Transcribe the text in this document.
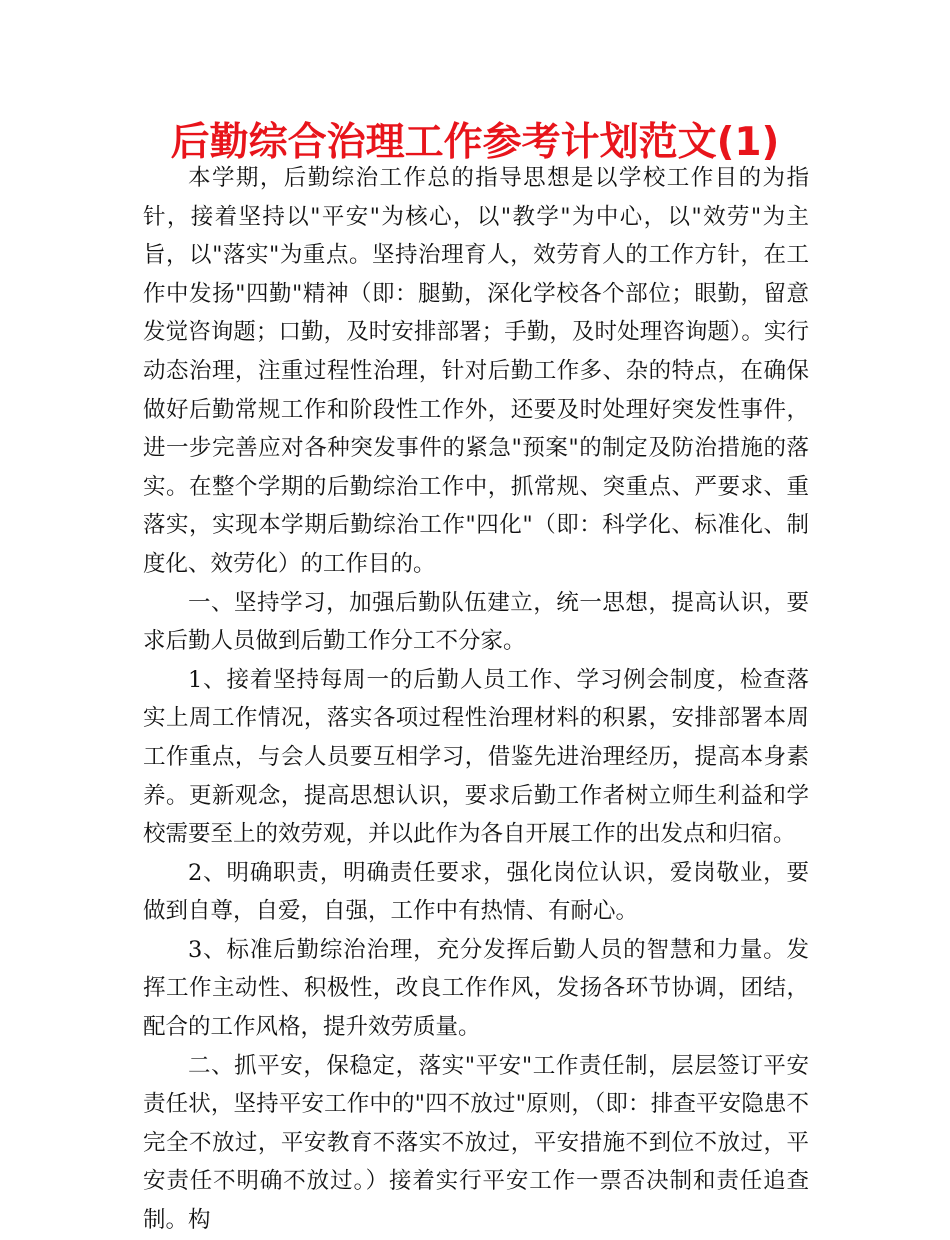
后勤综合治理工作参考计划范文(1)

本学期，后勤综治工作总的指导思想是以学校工作目的为指针，接着坚持以"平安"为核心，以"教学"为中心，以"效劳"为主旨，以"落实"为重点。坚持治理育人，效劳育人的工作方针，在工作中发扬"四勤"精神（即：腿勤，深化学校各个部位；眼勤，留意发觉咨询题；口勤，及时安排部署；手勤，及时处理咨询题）。实行动态治理，注重过程性治理，针对后勤工作多、杂的特点，在确保做好后勤常规工作和阶段性工作外，还要及时处理好突发性事件，进一步完善应对各种突发事件的紧急"预案"的制定及防治措施的落实。在整个学期的后勤综治工作中，抓常规、突重点、严要求、重落实，实现本学期后勤综治工作"四化"（即：科学化、标准化、制度化、效劳化）的工作目的。

一、坚持学习，加强后勤队伍建立，统一思想，提高认识，要求后勤人员做到后勤工作分工不分家。

1、接着坚持每周一的后勤人员工作、学习例会制度，检查落实上周工作情况，落实各项过程性治理材料的积累，安排部署本周工作重点，与会人员要互相学习，借鉴先进治理经历，提高本身素养。更新观念，提高思想认识，要求后勤工作者树立师生利益和学校需要至上的效劳观，并以此作为各自开展工作的出发点和归宿。

2、明确职责，明确责任要求，强化岗位认识，爱岗敬业，要做到自尊，自爱，自强，工作中有热情、有耐心。

3、标准后勤综治治理，充分发挥后勤人员的智慧和力量。发挥工作主动性、积极性，改良工作作风，发扬各环节协调，团结，配合的工作风格，提升效劳质量。

二、抓平安，保稳定，落实"平安"工作责任制，层层签订平安责任状，坚持平安工作中的"四不放过"原则，（即：排查平安隐患不完全不放过，平安教育不落实不放过，平安措施不到位不放过，平安责任不明确不放过。）接着实行平安工作一票否决制和责任追查制。构
